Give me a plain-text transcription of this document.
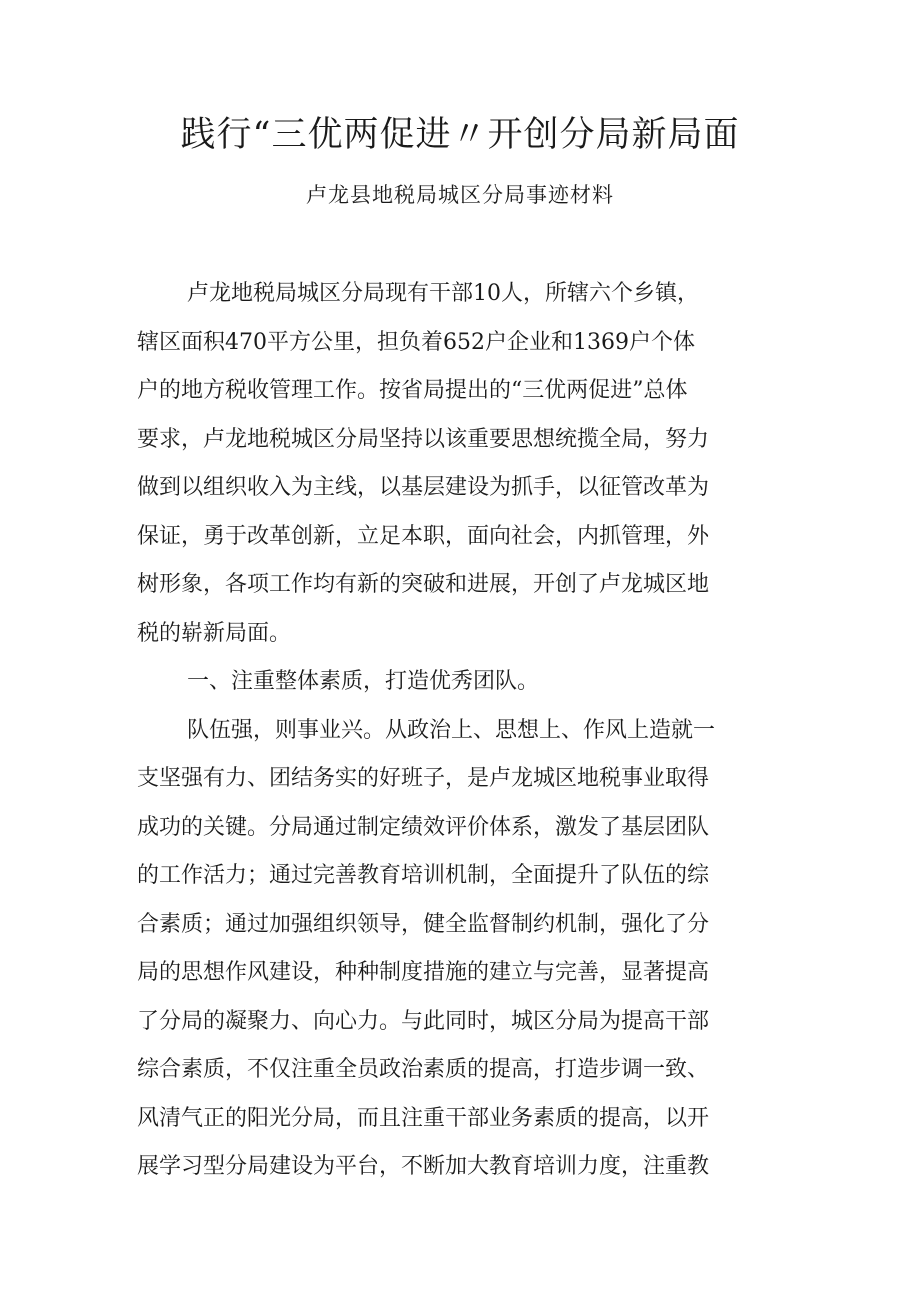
践行“三优两促进〃开创分局新局面
卢龙县地税局城区分局事迹材料
卢龙地税局城区分局现有干部10人，所辖六个乡镇，
辖区面积470平方公里，担负着652户企业和1369户个体
户的地方税收管理工作。按省局提出的“三优两促进”总体
要求，卢龙地税城区分局坚持以该重要思想统揽全局，努力
做到以组织收入为主线，以基层建设为抓手，以征管改革为
保证，勇于改革创新，立足本职，面向社会，内抓管理，外
树形象，各项工作均有新的突破和进展，开创了卢龙城区地
税的崭新局面。
一、注重整体素质，打造优秀团队。
队伍强，则事业兴。从政治上、思想上、作风上造就一
支坚强有力、团结务实的好班子，是卢龙城区地税事业取得
成功的关键。分局通过制定绩效评价体系，激发了基层团队
的工作活力；通过完善教育培训机制，全面提升了队伍的综
合素质；通过加强组织领导，健全监督制约机制，强化了分
局的思想作风建设，种种制度措施的建立与完善，显著提高
了分局的凝聚力、向心力。与此同时，城区分局为提高干部
综合素质，不仅注重全员政治素质的提高，打造步调一致、
风清气正的阳光分局，而且注重干部业务素质的提高，以开
展学习型分局建设为平台，不断加大教育培训力度，注重教
